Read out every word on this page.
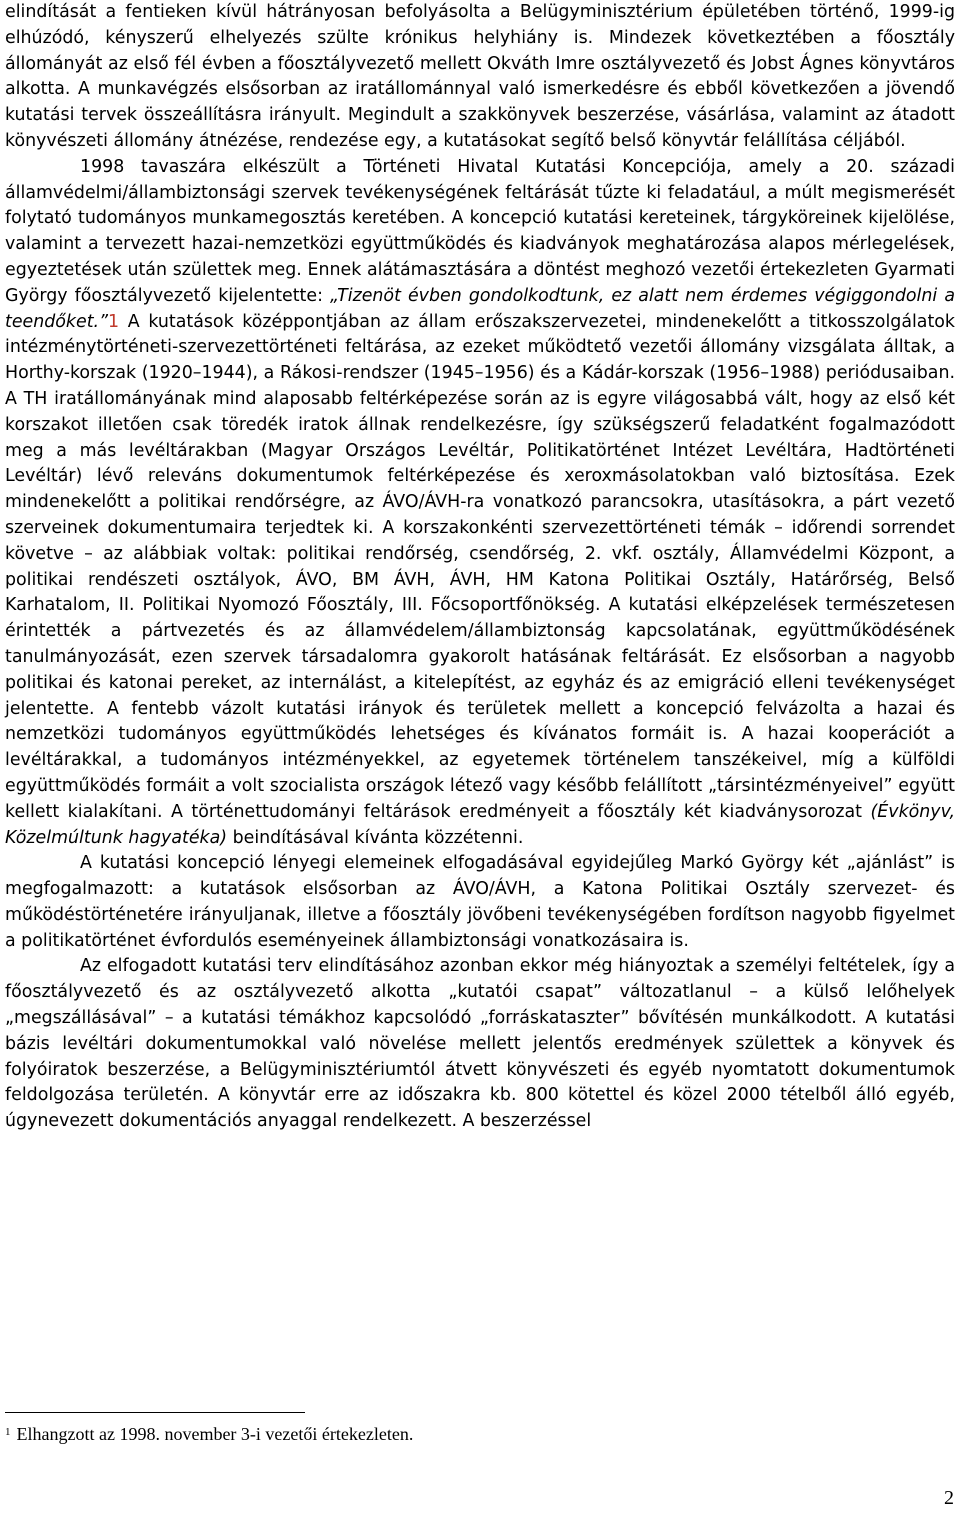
elindítását a fentieken kívül hátrányosan befolyásolta a Belügyminisztérium épületében történő, 1999-ig elhúzódó, kényszerű elhelyezés szülte krónikus helyhiány is. Mindezek következtében a főosztály állományát az első fél évben a főosztályvezető mellett Okváth Imre osztályvezető és Jobst Ágnes könyvtáros alkotta. A munkavégzés elsősorban az iratállománnyal való ismerkedésre és ebből következően a jövendő kutatási tervek összeállításra irányult. Megindult a szakkönyvek beszerzése, vásárlása, valamint az átadott könyvészeti állomány átnézése, rendezése egy, a kutatásokat segítő belső könyvtár felállítása céljából.

1998 tavaszára elkészült a Történeti Hivatal Kutatási Koncepciója, amely a 20. századi államvédelmi/állambiztonsági szervek tevékenységének feltárását tűzte ki feladatául, a múlt megismerését folytató tudományos munkamegosztás keretében. A koncepció kutatási kereteinek, tárgyköreinek kijelölése, valamint a tervezett hazai-nemzetközi együttműködés és kiadványok meghatározása alapos mérlegelések, egyeztetések után születtek meg. Ennek alátámasztására a döntést meghozó vezetői értekezleten Gyarmati György főosztályvezető kijelentette: „Tizenöt évben gondolkodtunk, ez alatt nem érdemes végiggondolni a teendőket.”1 A kutatások középpontjában az állam erőszakszervezetei, mindenekelőtt a titkosszolgálatok intézménytörténeti-szervezettörténeti feltárása, az ezeket működtető vezetői állomány vizsgálata álltak, a Horthy-korszak (1920–1944), a Rákosi-rendszer (1945–1956) és a Kádár-korszak (1956–1988) periódusaiban. A TH iratállományának mind alaposabb feltérképezése során az is egyre világosabbá vált, hogy az első két korszakot illetően csak töredék iratok állnak rendelkezésre, így szükségszerű feladatként fogalmazódott meg a más levéltárakban (Magyar Országos Levéltár, Politikatörténet Intézet Levéltára, Hadtörténeti Levéltár) lévő releváns dokumentumok feltérképezése és xeroxmásolatokban való biztosítása. Ezek mindenekelőtt a politikai rendőrségre, az ÁVO/ÁVH-ra vonatkozó parancsokra, utasításokra, a párt vezető szerveinek dokumentumaira terjedtek ki. A korszakonkénti szervezettörténeti témák – időrendi sorrendet követve – az alábbiak voltak: politikai rendőrség, csendőrség, 2. vkf. osztály, Államvédelmi Központ, a politikai rendészeti osztályok, ÁVO, BM ÁVH, ÁVH, HM Katona Politikai Osztály, Határőrség, Belső Karhatalom, II. Politikai Nyomozó Főosztály, III. Főcsoportfőnökség. A kutatási elképzelések természetesen érintették a pártvezetés és az államvédelem/állambiztonság kapcsolatának, együttműködésének tanulmányozását, ezen szervek társadalomra gyakorolt hatásának feltárását. Ez elsősorban a nagyobb politikai és katonai pereket, az internálást, a kitelepítést, az egyház és az emigráció elleni tevékenységet jelentette. A fentebb vázolt kutatási irányok és területek mellett a koncepció felvázolta a hazai és nemzetközi tudományos együttműködés lehetséges és kívánatos formáit is. A hazai kooperációt a levéltárakkal, a tudományos intézményekkel, az egyetemek történelem tanszékeivel, míg a külföldi együttműködés formáit a volt szocialista országok létező vagy később felállított „társintézményeivel” együtt kellett kialakítani. A történettudományi feltárások eredményeit a főosztály két kiadványsorozat (Évkönyv, Közelmúltunk hagyatéka) beindításával kívánta közzétenni.

A kutatási koncepció lényegi elemeinek elfogadásával egyidejűleg Markó György két „ajánlást” is megfogalmazott: a kutatások elsősorban az ÁVO/ÁVH, a Katona Politikai Osztály szervezet- és működéstörténetére irányuljanak, illetve a főosztály jövőbeni tevékenységében fordítson nagyobb figyelmet a politikatörténet évfordulós eseményeinek állambiztonsági vonatkozásaira is.

Az elfogadott kutatási terv elindításához azonban ekkor még hiányoztak a személyi feltételek, így a főosztályvezető és az osztályvezető alkotta „kutatói csapat” változatlanul – a külső lelőhelyek „megszállásával” – a kutatási témákhoz kapcsolódó „forráskataszter” bővítésén munkálkodott. A kutatási bázis levéltári dokumentumokkal való növelése mellett jelentős eredmények születtek a könyvek és folyóiratok beszerzése, a Belügyminisztériumtól átvett könyvészeti és egyéb nyomtatott dokumentumok feldolgozása területén. A könyvtár erre az időszakra kb. 800 kötettel és közel 2000 tételből álló egyéb, úgynevezett dokumentációs anyaggal rendelkezett. A beszerzéssel

$^1$ Elhangzott az 1998. november 3-i vezetői értekezleten.
2
